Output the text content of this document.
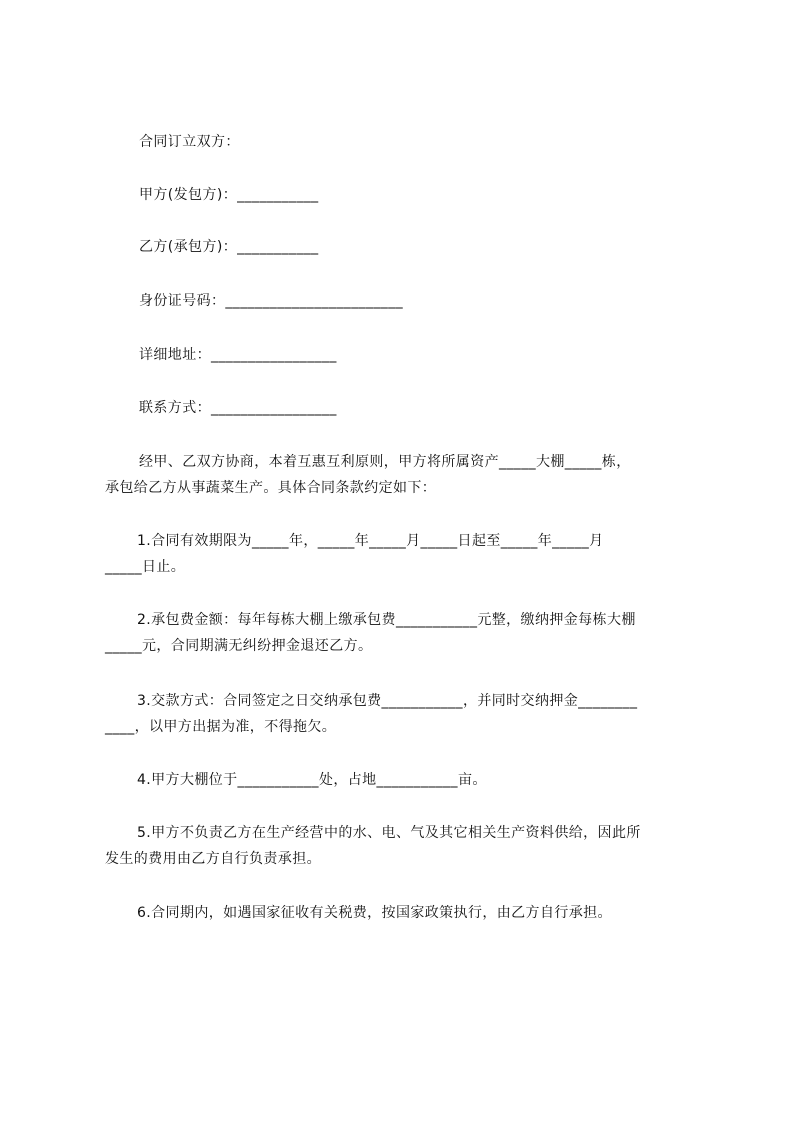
合同订立双方：
甲方(发包方)：___________
乙方(承包方)：___________
身份证号码：________________________
详细地址：_________________
联系方式：_________________
经甲、乙双方协商，本着互惠互利原则，甲方将所属资产_____大棚_____栋，
承包给乙方从事蔬菜生产。具体合同条款约定如下：
1.合同有效期限为_____年，_____年_____月_____日起至_____年_____月
_____日止。
2.承包费金额：每年每栋大棚上缴承包费___________元整，缴纳押金每栋大棚
_____元，合同期满无纠纷押金退还乙方。
3.交款方式：合同签定之日交纳承包费___________，并同时交纳押金________
____，以甲方出据为准，不得拖欠。
4.甲方大棚位于___________处，占地___________亩。
5.甲方不负责乙方在生产经营中的水、电、气及其它相关生产资料供给，因此所
发生的费用由乙方自行负责承担。
6.合同期内，如遇国家征收有关税费，按国家政策执行，由乙方自行承担。
